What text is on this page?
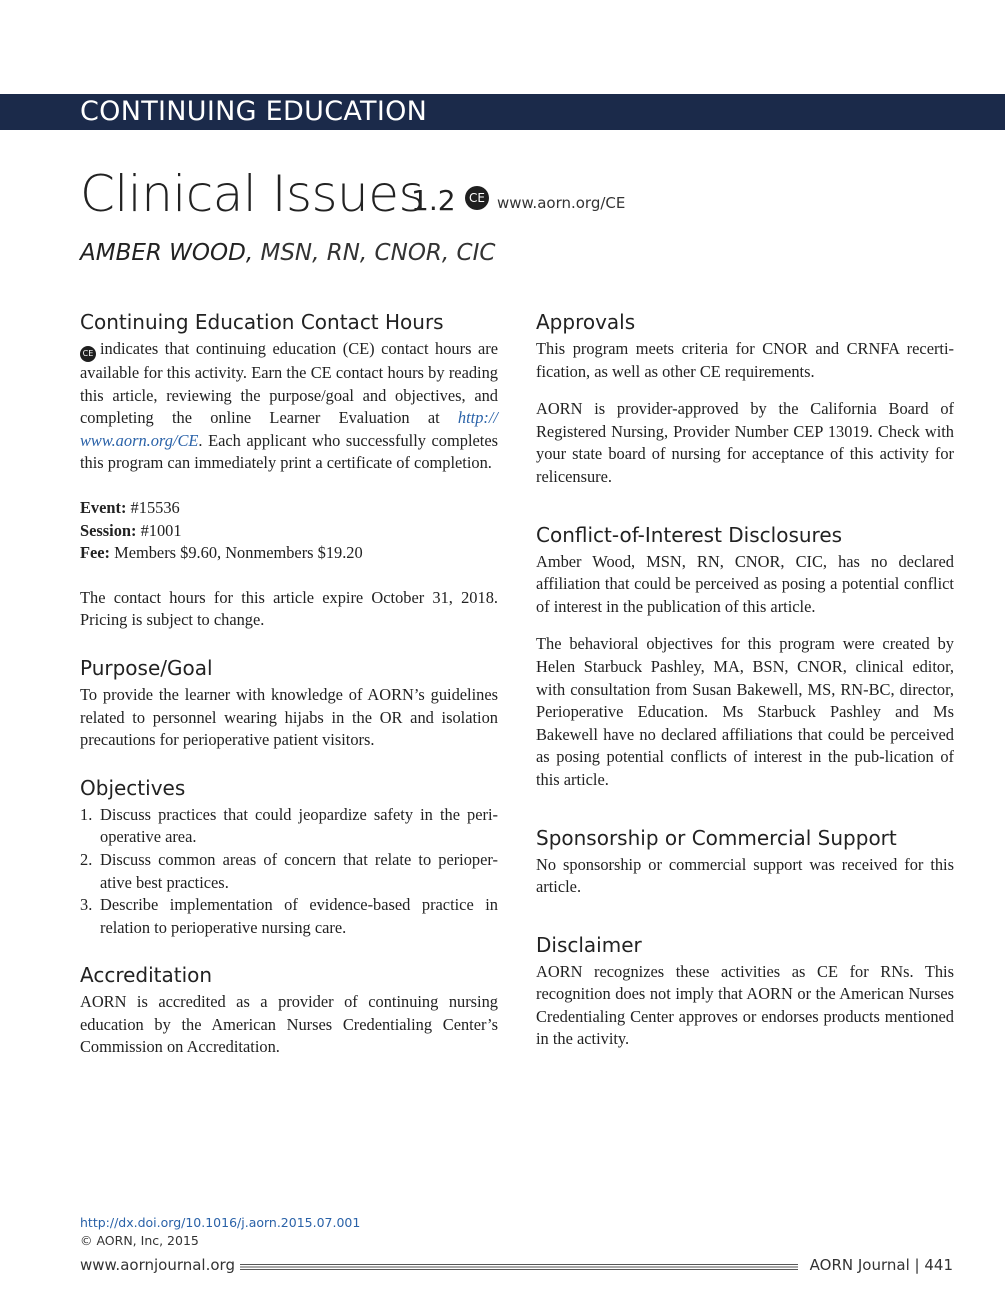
CONTINUING EDUCATION
Clinical Issues
1.2	CE www.aorn.org/CE
AMBER WOOD, MSN, RN, CNOR, CIC
Continuing Education Contact Hours

CE indicates that continuing education (CE) contact hours are available for this activity. Earn the CE contact hours by reading this article, reviewing the purpose/goal and objectives, and completing the online Learner Evaluation at http:// www.aorn.org/CE. Each applicant who successfully completes this program can immediately print a certificate of completion.

Event: #15536
Session: #1001
Fee: Members $9.60, Nonmembers $19.20

The contact hours for this article expire October 31, 2018. Pricing is subject to change.

Purpose/Goal

To provide the learner with knowledge of AORN’s guidelines related to personnel wearing hijabs in the OR and isolation precautions for perioperative patient visitors.

Objectives
1. Discuss practices that could jeopardize safety in the peri-operative area.
2. Discuss common areas of concern that relate to perioper-ative best practices.
3. Describe implementation of evidence-based practice in relation to perioperative nursing care.
Accreditation

AORN is accredited as a provider of continuing nursing education by the American Nurses Credentialing Center’s Commission on Accreditation.

Approvals

This program meets criteria for CNOR and CRNFA recerti-fication, as well as other CE requirements.

AORN is provider-approved by the California Board of Registered Nursing, Provider Number CEP 13019. Check with your state board of nursing for acceptance of this activity for relicensure.

Conflict-of-Interest Disclosures

Amber Wood, MSN, RN, CNOR, CIC, has no declared affiliation that could be perceived as posing a potential conflict of interest in the publication of this article.

The behavioral objectives for this program were created by Helen Starbuck Pashley, MA, BSN, CNOR, clinical editor, with consultation from Susan Bakewell, MS, RN-BC, director, Perioperative Education. Ms Starbuck Pashley and Ms Bakewell have no declared affiliations that could be perceived as posing potential conflicts of interest in the pub-lication of this article.

Sponsorship or Commercial Support

No sponsorship or commercial support was received for this article.

Disclaimer

AORN recognizes these activities as CE for RNs. This recognition does not imply that AORN or the American Nurses Credentialing Center approves or endorses products mentioned in the activity.

http://dx.doi.org/10.1016/j.aorn.2015.07.001
© AORN, Inc, 2015
www.aornjournal.org	AORN Journal | 441
